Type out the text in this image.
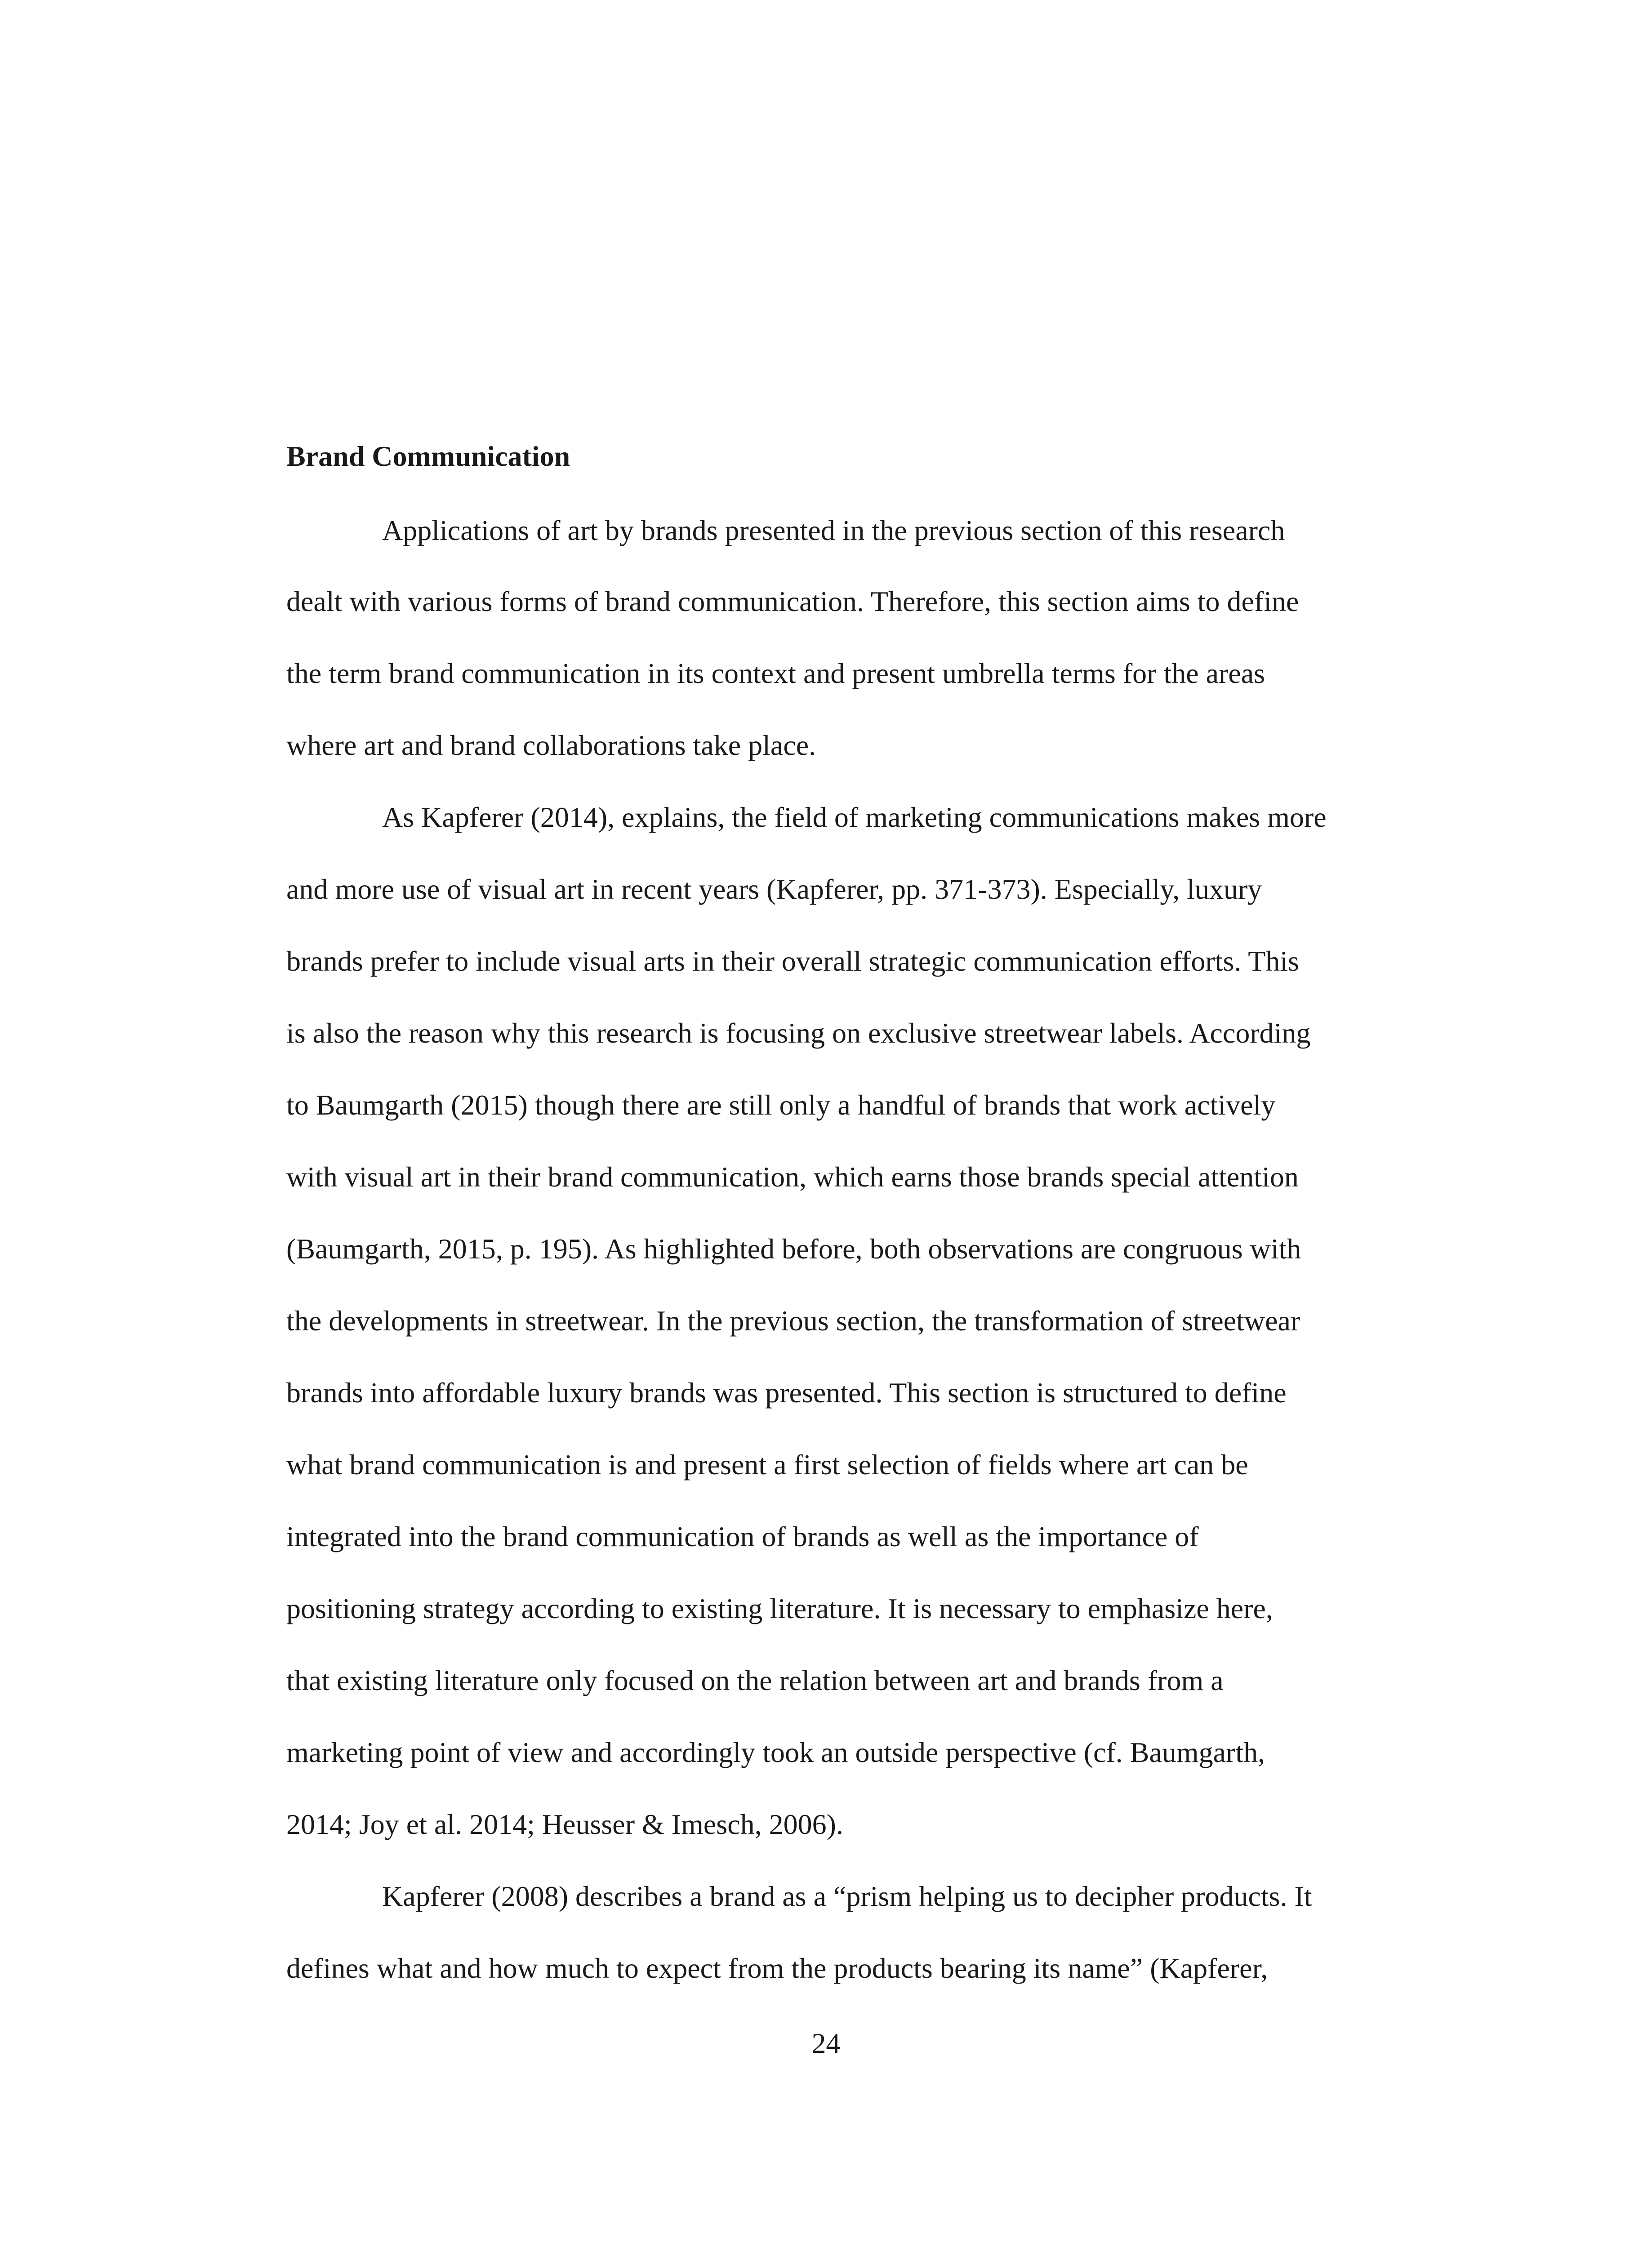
Brand Communication

Applications of art by brands presented in the previous section of this research

dealt with various forms of brand communication. Therefore, this section aims to define

the term brand communication in its context and present umbrella terms for the areas

where art and brand collaborations take place.

As Kapferer (2014), explains, the field of marketing communications makes more

and more use of visual art in recent years (Kapferer, pp. 371-373). Especially, luxury

brands prefer to include visual arts in their overall strategic communication efforts. This

is also the reason why this research is focusing on exclusive streetwear labels. According

to Baumgarth (2015) though there are still only a handful of brands that work actively

with visual art in their brand communication, which earns those brands special attention

(Baumgarth, 2015, p. 195). As highlighted before, both observations are congruous with

the developments in streetwear. In the previous section, the transformation of streetwear

brands into affordable luxury brands was presented. This section is structured to define

what brand communication is and present a first selection of fields where art can be

integrated into the brand communication of brands as well as the importance of

positioning strategy according to existing literature. It is necessary to emphasize here,

that existing literature only focused on the relation between art and brands from a

marketing point of view and accordingly took an outside perspective (cf. Baumgarth,

2014; Joy et al. 2014; Heusser & Imesch, 2006).

Kapferer (2008) describes a brand as a “prism helping us to decipher products. It

defines what and how much to expect from the products bearing its name” (Kapferer,

24
